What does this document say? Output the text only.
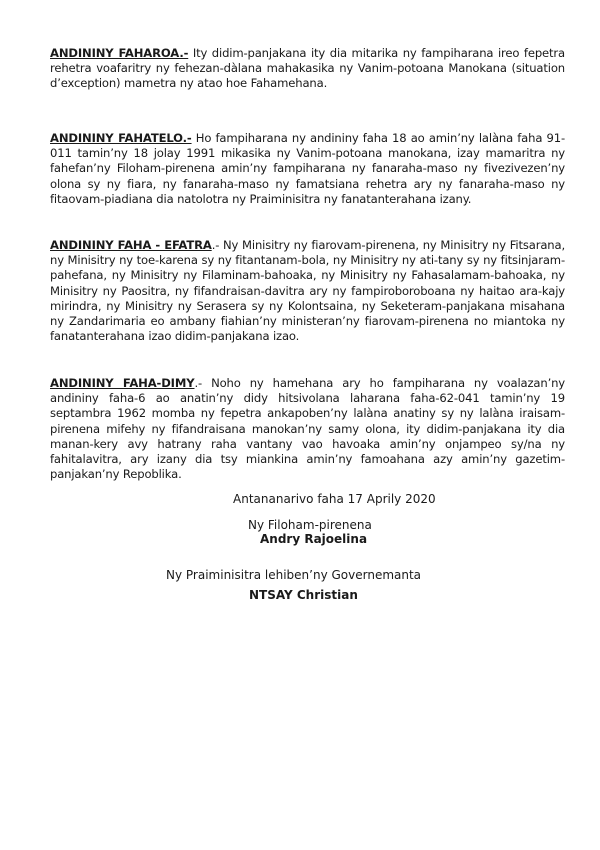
ANDININY FAHAROA.- Ity didim-panjakana ity dia mitarika ny fampiharana ireo fepetra rehetra voafaritry ny fehezan-dàlana mahakasika ny Vanim-potoana Manokana (situation d’exception) mametra ny atao hoe Fahamehana.

ANDININY FAHATELO.- Ho fampiharana ny andininy faha 18 ao amin’ny lalàna faha 91-011 tamin’ny 18 jolay 1991 mikasika ny Vanim-potoana manokana, izay mamaritra ny fahefan’ny Filoham-pirenena amin’ny fampiharana ny fanaraha-maso ny fivezivezen’ny olona sy ny fiara, ny fanaraha-maso ny famatsiana rehetra ary ny fanaraha-maso ny fitaovam-piadiana dia natolotra ny Praiminisitra ny fanatanterahana izany.

ANDININY FAHA - EFATRA.- Ny Minisitry ny fiarovam-pirenena, ny Minisitry ny Fitsarana, ny Minisitry ny toe-karena sy ny fitantanam-bola, ny Minisitry ny ati-tany sy ny fitsinjaram-pahefana, ny Minisitry ny Filaminam-bahoaka, ny Minisitry ny Fahasalamam-bahoaka, ny Minisitry ny Paositra, ny fifandraisan-davitra ary ny fampiroboroboana ny haitao ara-kajy mirindra, ny Minisitry ny Serasera sy ny Kolontsaina, ny Seketeram-panjakana misahana ny Zandarimaria eo ambany fiahian’ny ministeran’ny fiarovam-pirenena no miantoka ny fanatanterahana izao didim-panjakana izao.

ANDININY FAHA-DIMY.- Noho ny hamehana ary ho fampiharana ny voalazan’ny andininy faha-6 ao anatin’ny didy hitsivolana laharana faha-62-041 tamin’ny 19 septambra 1962 momba ny fepetra ankapoben’ny lalàna anatiny sy ny lalàna iraisam-pirenena mifehy ny fifandraisana manokan’ny samy olona, ity didim-panjakana ity dia manan-kery avy hatrany raha vantany vao havoaka amin’ny onjampeo sy/na ny fahitalavitra, ary izany dia tsy miankina amin’ny famoahana azy amin’ny gazetim-panjakan’ny Repoblika.

Antananarivo faha 17 Aprily 2020
Ny Filoham-pirenena
Andry Rajoelina
Ny Praiminisitra lehiben’ny Governemanta
NTSAY Christian
